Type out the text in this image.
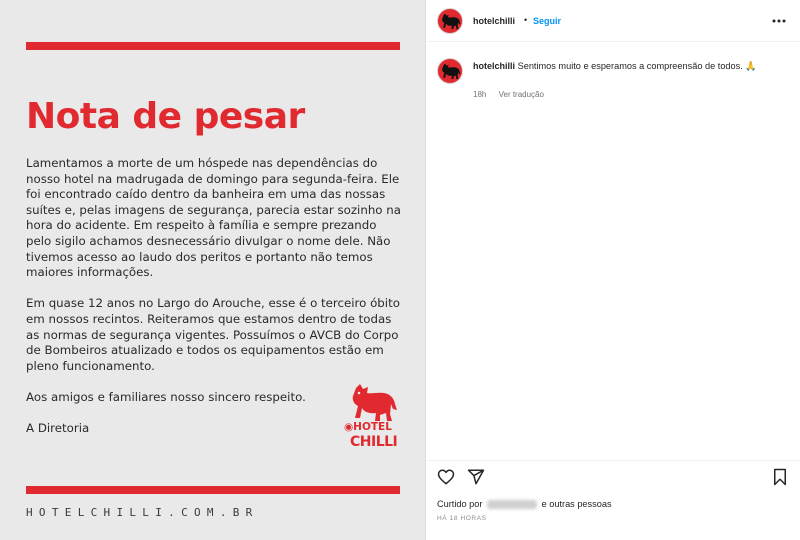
Nota de pesar

Lamentamos a morte de um hóspede nas dependências do nosso hotel na madrugada de domingo para segunda-feira. Ele foi encontrado caído dentro da banheira em uma das nossas suítes e, pelas imagens de segurança, parecia estar sozinho na hora do acidente. Em respeito à família e sempre prezando pelo sigilo achamos desnecessário divulgar o nome dele. Não tivemos acesso ao laudo dos peritos e portanto não temos maiores informações.

Em quase 12 anos no Largo do Arouche, esse é o terceiro óbito em nossos recintos. Reiteramos que estamos dentro de todas as normas de segurança vigentes. Possuímos o AVCB do Corpo de Bombeiros atualizado e todos os equipamentos estão em pleno funcionamento.

Aos amigos e familiares nosso sincero respeito.

A Diretoria	◉HOTEL
CHILLI
HOTELCHILLI.COM.BR
hotelchilli • Seguir
hotelchilli Sentimos muito e esperamos a compreensão de todos. 🙏
18h Ver tradução
Curtido por	e outras pessoas
HÁ 18 HORAS
